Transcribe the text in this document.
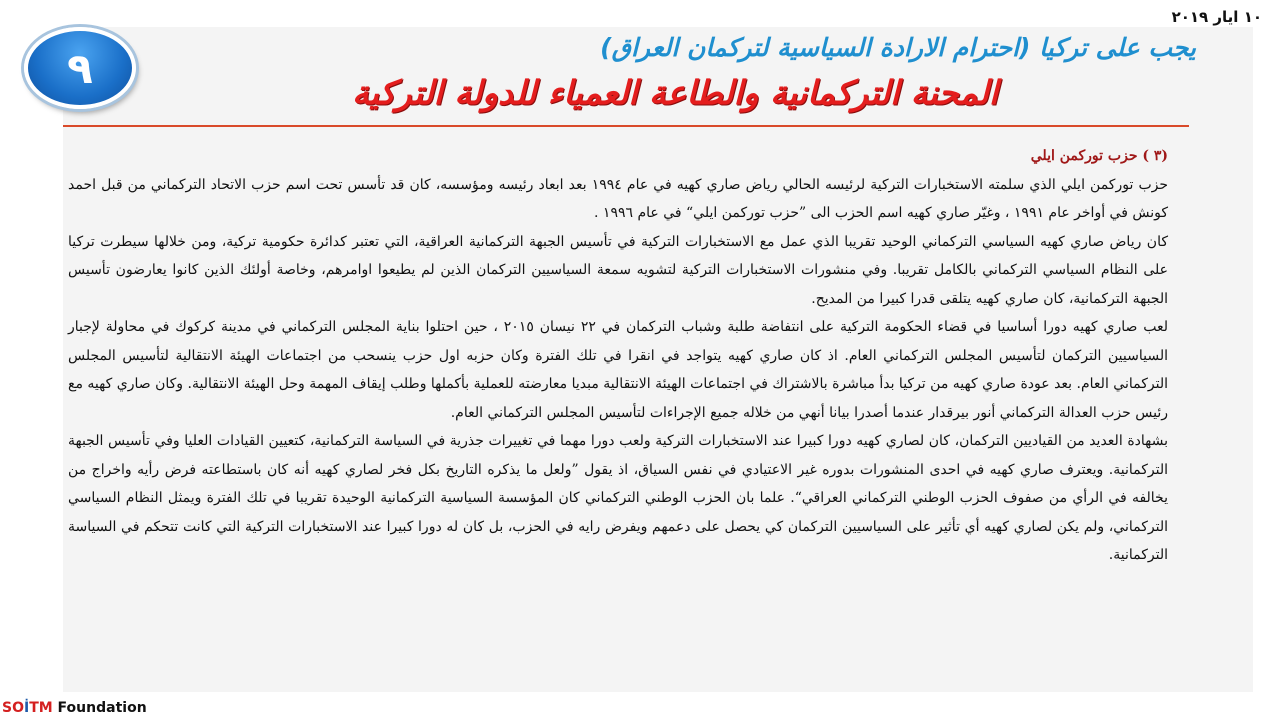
١٠ ايار ٢٠١٩
٩	يجب على تركيا (احترام الارادة السياسية لتركمان العراق)
المحنة التركمانية والطاعة العمياء للدولة التركية

(٣ ) حزب توركمن ايلي

حزب توركمن ايلي الذي سلمته الاستخبارات التركية لرئيسه الحالي رياض صاري كهيه في عام ١٩٩٤ بعد ابعاد رئيسه ومؤسسه، كان قد تأسس تحت اسم حزب الاتحاد التركماني من قبل احمد كونش في أواخر عام ١٩٩١ ، وغيّر صاري كهيه اسم الحزب الى ”حزب توركمن ايلي“ في عام ١٩٩٦ .

كان رياض صاري كهيه السياسي التركماني الوحيد تقريبا الذي عمل مع الاستخبارات التركية في تأسيس الجبهة التركمانية العراقية، التي تعتبر كدائرة حكومية تركية، ومن خلالها سيطرت تركيا على النظام السياسي التركماني بالكامل تقريبا. وفي منشورات الاستخبارات التركية لتشويه سمعة السياسيين التركمان الذين لم يطيعوا اوامرهم، وخاصة أولئك الذين كانوا يعارضون تأسيس الجبهة التركمانية، كان صاري كهيه يتلقى قدرا كبيرا من المديح.

لعب صاري كهيه دورا أساسيا في قضاء الحكومة التركية على انتفاضة طلبة وشباب التركمان في ٢٢ نيسان ٢٠١٥ ، حين احتلوا بناية المجلس التركماني في مدينة كركوك في محاولة لإجبار السياسيين التركمان لتأسيس المجلس التركماني العام. اذ كان صاري كهيه يتواجد في انقرا في تلك الفترة وكان حزبه اول حزب ينسحب من اجتماعات الهيئة الانتقالية لتأسيس المجلس التركماني العام. بعد عودة صاري كهيه من تركيا بدأ مباشرة بالاشتراك في اجتماعات الهيئة الانتقالية مبديا معارضته للعملية بأكملها وطلب إيقاف المهمة وحل الهيئة الانتقالية. وكان صاري كهيه مع رئيس حزب العدالة التركماني أنور بيرقدار عندما أصدرا بيانا أنهي من خلاله جميع الإجراءات لتأسيس المجلس التركماني العام.

بشهادة العديد من القياديين التركمان، كان لصاري كهيه دورا كبيرا عند الاستخبارات التركية ولعب دورا مهما في تغييرات جذرية في السياسة التركمانية، كتعيين القيادات العليا وفي تأسيس الجبهة التركمانية. ويعترف صاري كهيه في احدى المنشورات بدوره غير الاعتيادي في نفس السياق، اذ يقول ”ولعل ما يذكره التاريخ بكل فخر لصاري كهيه أنه كان باستطاعته فرض رأيه واخراج من يخالفه في الرأي من صفوف الحزب الوطني التركماني العراقي“. علما بان الحزب الوطني التركماني كان المؤسسة السياسية التركمانية الوحيدة تقريبا في تلك الفترة ويمثل النظام السياسي التركماني، ولم يكن لصاري كهيه أي تأثير على السياسيين التركمان كي يحصل على دعمهم ويفرض رايه في الحزب، بل كان له دورا كبيرا عند الاستخبارات التركية التي كانت تتحكم في السياسة التركمانية.

SOİTM Foundation
